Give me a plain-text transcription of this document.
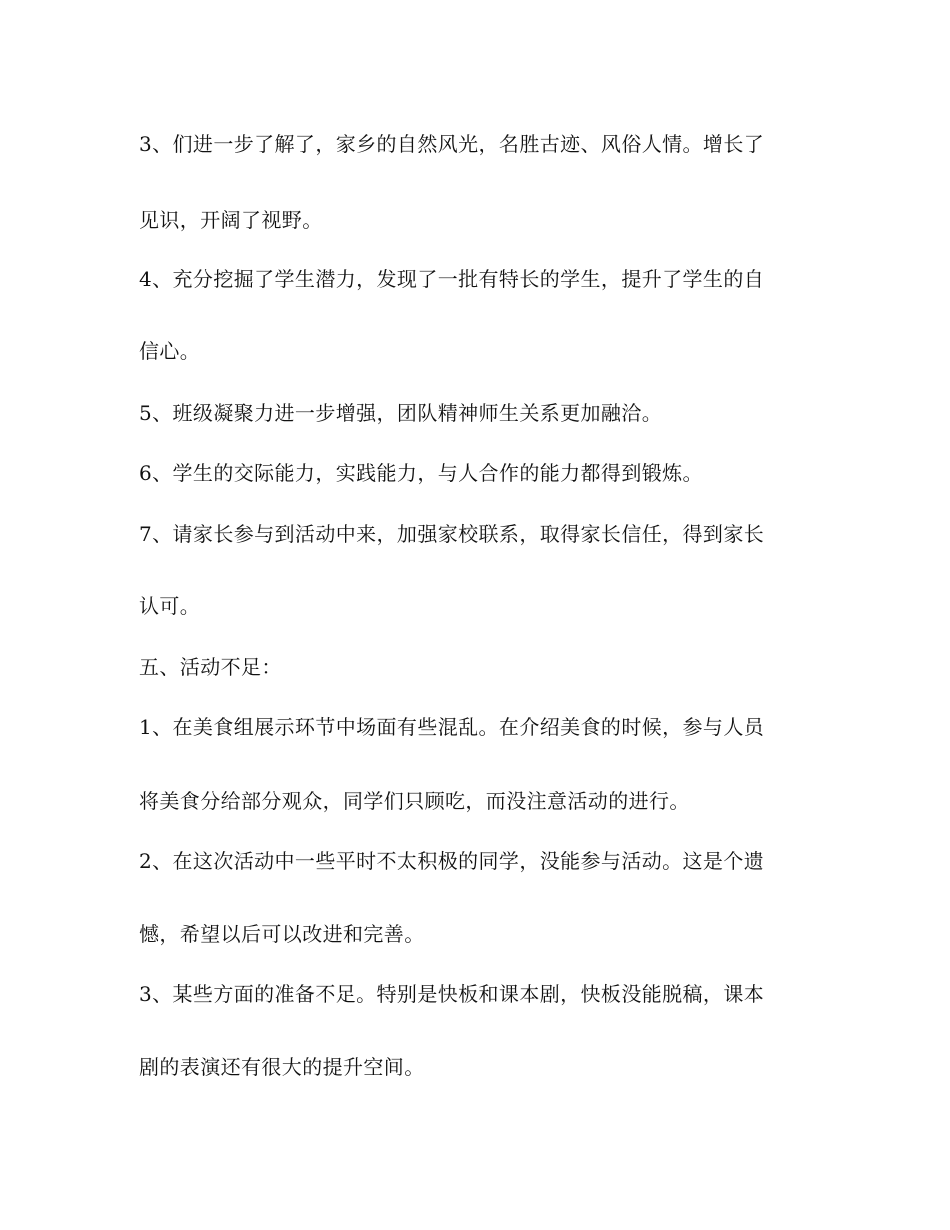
3、们进一步了解了，家乡的自然风光，名胜古迹、风俗人情。增长了
见识，开阔了视野。
4、充分挖掘了学生潜力，发现了一批有特长的学生，提升了学生的自
信心。
5、班级凝聚力进一步增强，团队精神师生关系更加融洽。
6、学生的交际能力，实践能力，与人合作的能力都得到锻炼。
7、请家长参与到活动中来，加强家校联系，取得家长信任，得到家长
认可。
五、活动不足：
1、在美食组展示环节中场面有些混乱。在介绍美食的时候，参与人员
将美食分给部分观众，同学们只顾吃，而没注意活动的进行。
2、在这次活动中一些平时不太积极的同学，没能参与活动。这是个遗
憾，希望以后可以改进和完善。
3、某些方面的准备不足。特别是快板和课本剧，快板没能脱稿，课本
剧的表演还有很大的提升空间。
